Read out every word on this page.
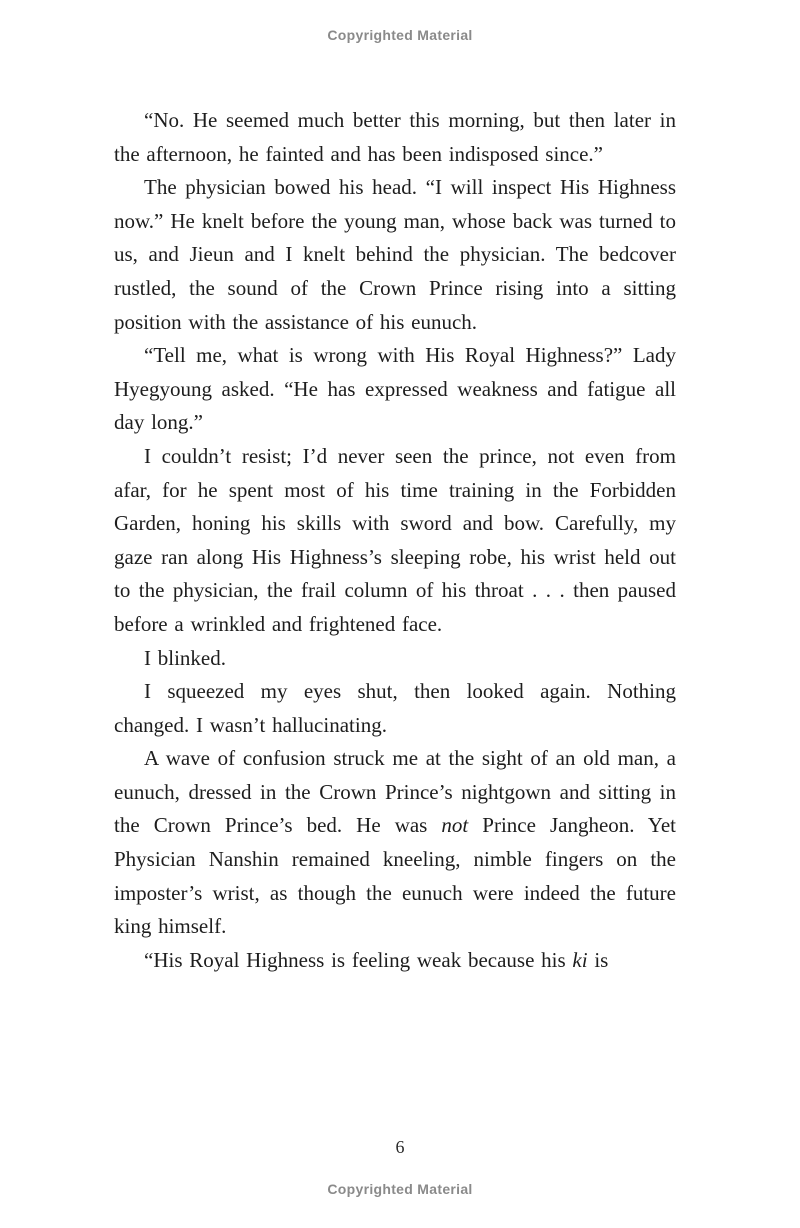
Copyrighted Material

“No. He seemed much better this morning, but then later in the afternoon, he fainted and has been indisposed since.”

The physician bowed his head. “I will inspect His Highness now.” He knelt before the young man, whose back was turned to us, and Jieun and I knelt behind the physician. The bedcover rustled, the sound of the Crown Prince rising into a sitting position with the assistance of his eunuch.

“Tell me, what is wrong with His Royal Highness?” Lady Hyegyoung asked. “He has expressed weakness and fatigue all day long.”

I couldn’t resist; I’d never seen the prince, not even from afar, for he spent most of his time training in the Forbidden Garden, honing his skills with sword and bow. Carefully, my gaze ran along His Highness’s sleeping robe, his wrist held out to the physician, the frail column of his throat . . . then paused before a wrinkled and frightened face.

I blinked.

I squeezed my eyes shut, then looked again. Nothing changed. I wasn’t hallucinating.

A wave of confusion struck me at the sight of an old man, a eunuch, dressed in the Crown Prince’s nightgown and sitting in the Crown Prince’s bed. He was not Prince Jangheon. Yet Physician Nanshin remained kneeling, nimble fingers on the imposter’s wrist, as though the eunuch were indeed the future king himself.

“His Royal Highness is feeling weak because his ki is

6
Copyrighted Material
